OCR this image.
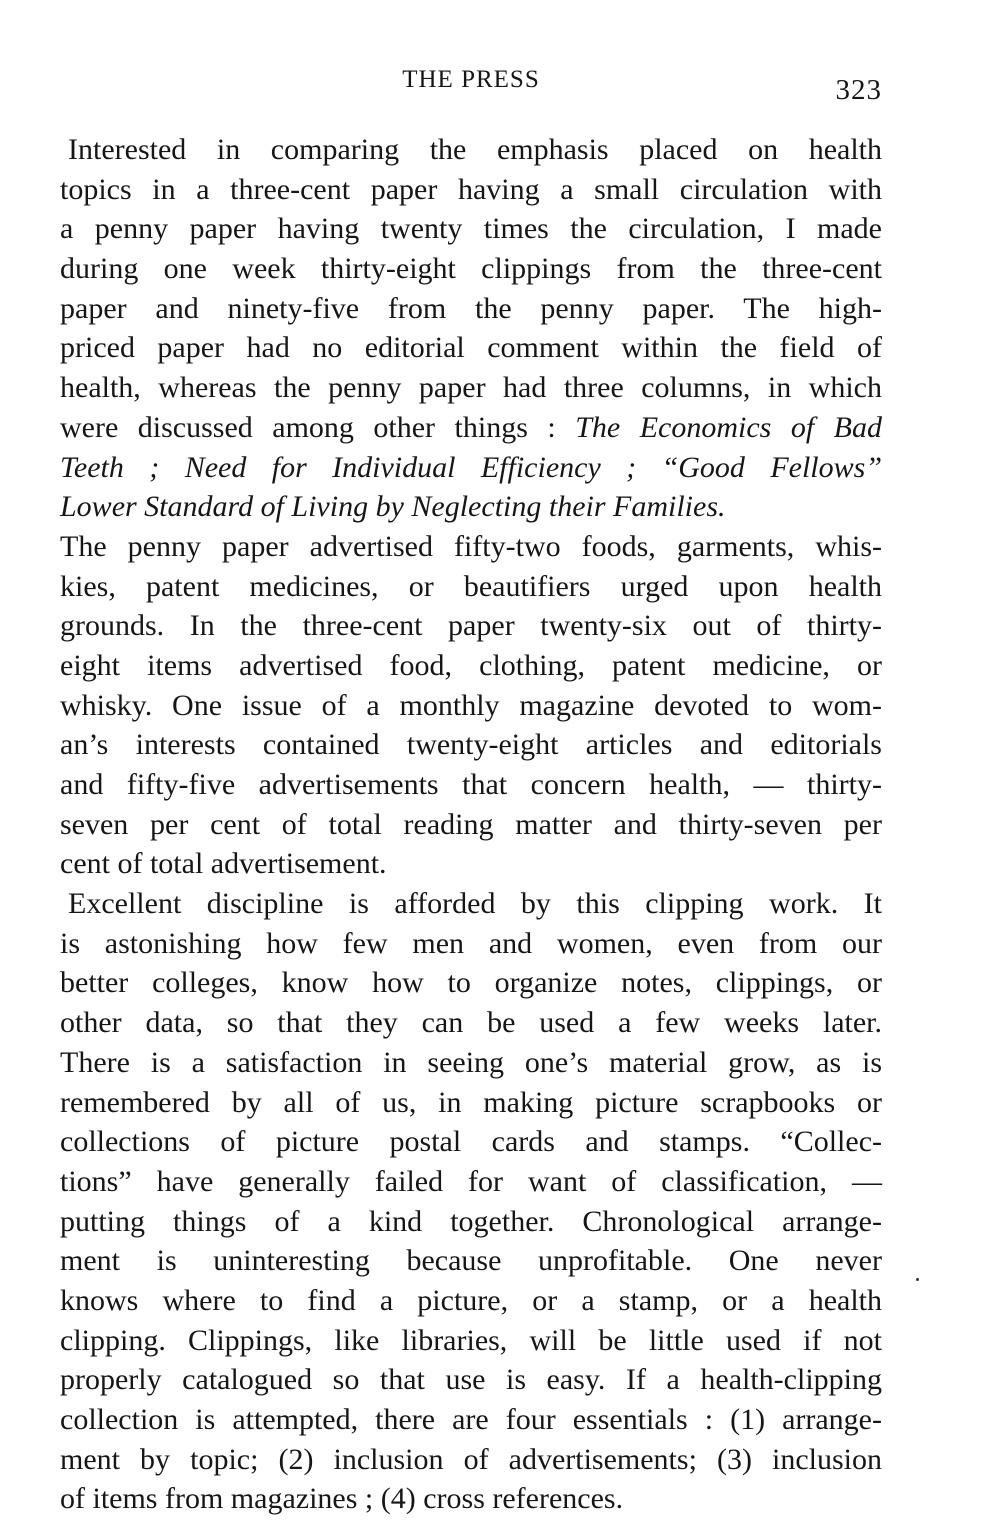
THE PRESS	323
Interested in comparing the emphasis placed on health
topics in a three-cent paper having a small circulation with
a penny paper having twenty times the circulation, I made
during one week thirty-eight clippings from the three-cent
paper and ninety-five from the penny paper. The high-
priced paper had no editorial comment within the field of
health, whereas the penny paper had three columns, in which
were discussed among other things : The Economics of Bad
Teeth ; Need for Individual Efficiency ; “Good Fellows”
Lower Standard of Living by Neglecting their Families.
The penny paper advertised fifty-two foods, garments, whis-
kies, patent medicines, or beautifiers urged upon health
grounds. In the three-cent paper twenty-six out of thirty-
eight items advertised food, clothing, patent medicine, or
whisky. One issue of a monthly magazine devoted to wom-
an’s interests contained twenty-eight articles and editorials
and fifty-five advertisements that concern health, — thirty-
seven per cent of total reading matter and thirty-seven per
cent of total advertisement.
Excellent discipline is afforded by this clipping work. It
is astonishing how few men and women, even from our
better colleges, know how to organize notes, clippings, or
other data, so that they can be used a few weeks later.
There is a satisfaction in seeing one’s material grow, as is
remembered by all of us, in making picture scrapbooks or
collections of picture postal cards and stamps. “Collec-
tions” have generally failed for want of classification, —
putting things of a kind together. Chronological arrange-
ment is uninteresting because unprofitable. One never
knows where to find a picture, or a stamp, or a health
clipping. Clippings, like libraries, will be little used if not
properly catalogued so that use is easy. If a health-clipping
collection is attempted, there are four essentials : (1) arrange-
ment by topic; (2) inclusion of advertisements; (3) inclusion
of items from magazines ; (4) cross references.
